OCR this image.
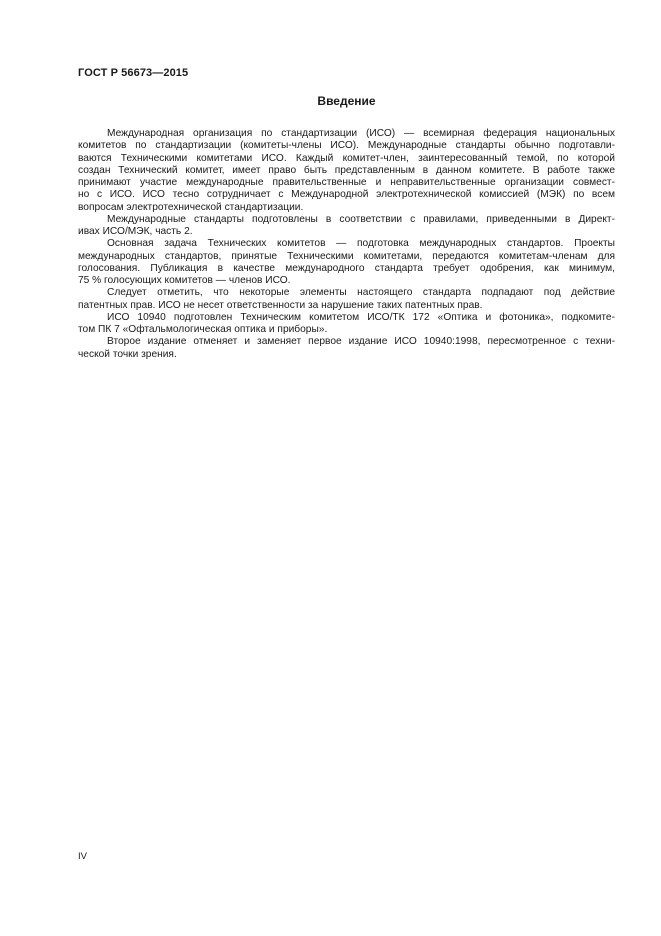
ГОСТ Р 56673—2015
Введение
Международная организация по стандартизации (ИСО) — всемирная федерация национальных
комитетов по стандартизации (комитеты-члены ИСО). Международные стандарты обычно подготавли-
ваются Техническими комитетами ИСО. Каждый комитет-член, заинтересованный темой, по которой
создан Технический комитет, имеет право быть представленным в данном комитете. В работе также
принимают участие международные правительственные и неправительственные организации совмест-
но с ИСО. ИСО тесно сотрудничает с Международной электротехнической комиссией (МЭК) по всем
вопросам электротехнической стандартизации.
Международные стандарты подготовлены в соответствии с правилами, приведенными в Директ-
ивах ИСО/МЭК, часть 2.
Основная задача Технических комитетов — подготовка международных стандартов. Проекты
международных стандартов, принятые Техническими комитетами, передаются комитетам-членам для
голосования. Публикация в качестве международного стандарта требует одобрения, как минимум,
75 % голосующих комитетов — членов ИСО.
Следует отметить, что некоторые элементы настоящего стандарта подпадают под действие
патентных прав. ИСО не несет ответственности за нарушение таких патентных прав.
ИСО 10940 подготовлен Техническим комитетом ИСО/ТК 172 «Оптика и фотоника», подкомите-
том ПК 7 «Офтальмологическая оптика и приборы».
Второе издание отменяет и заменяет первое издание ИСО 10940:1998, пересмотренное с техни-
ческой точки зрения.
IV
